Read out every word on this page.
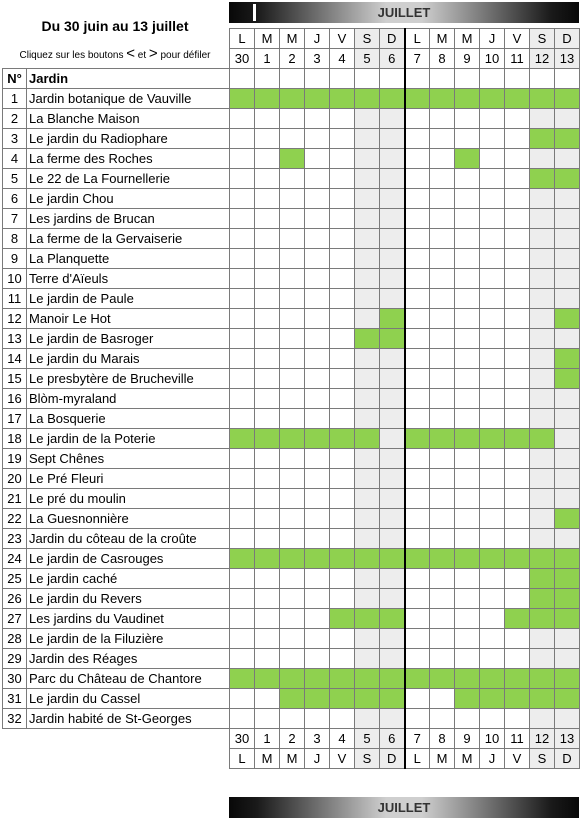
Du 30 juin au 13 juillet
Cliquez sur les boutons < et > pour défiler
JUILLET
		L	M	M	J	V	S	D	L	M	M	J	V	S	D
		30	1	2	3	4	5	6	7	8	9	10	11	12	13
N°	Jardin														
1	Jardin botanique de Vauville														
2	La Blanche Maison														
3	Le jardin du Radiophare														
4	La ferme des Roches														
5	Le 22 de La Fournellerie														
6	Le jardin Chou														
7	Les jardins de Brucan														
8	La ferme de la Gervaiserie														
9	La Planquette														
10	Terre d'Aïeuls														
11	Le jardin de Paule														
12	Manoir Le Hot														
13	Le jardin de Basroger														
14	Le jardin du Marais														
15	Le presbytère de Brucheville														
16	Blòm-myraland														
17	La Bosquerie														
18	Le jardin de la Poterie														
19	Sept Chênes														
20	Le Pré Fleuri														
21	Le pré du moulin														
22	La Guesnonnière														
23	Jardin du côteau de la croûte														
24	Le jardin de Casrouges														
25	Le jardin caché														
26	Le jardin du Revers														
27	Les jardins du Vaudinet														
28	Le jardin de la Filuzière														
29	Jardin des Réages														
30	Parc du Château de Chantore														
31	Le jardin du Cassel														
32	Jardin habité de St-Georges														
		30	1	2	3	4	5	6	7	8	9	10	11	12	13
		L	M	M	J	V	S	D	L	M	M	J	V	S	D
JUILLET
